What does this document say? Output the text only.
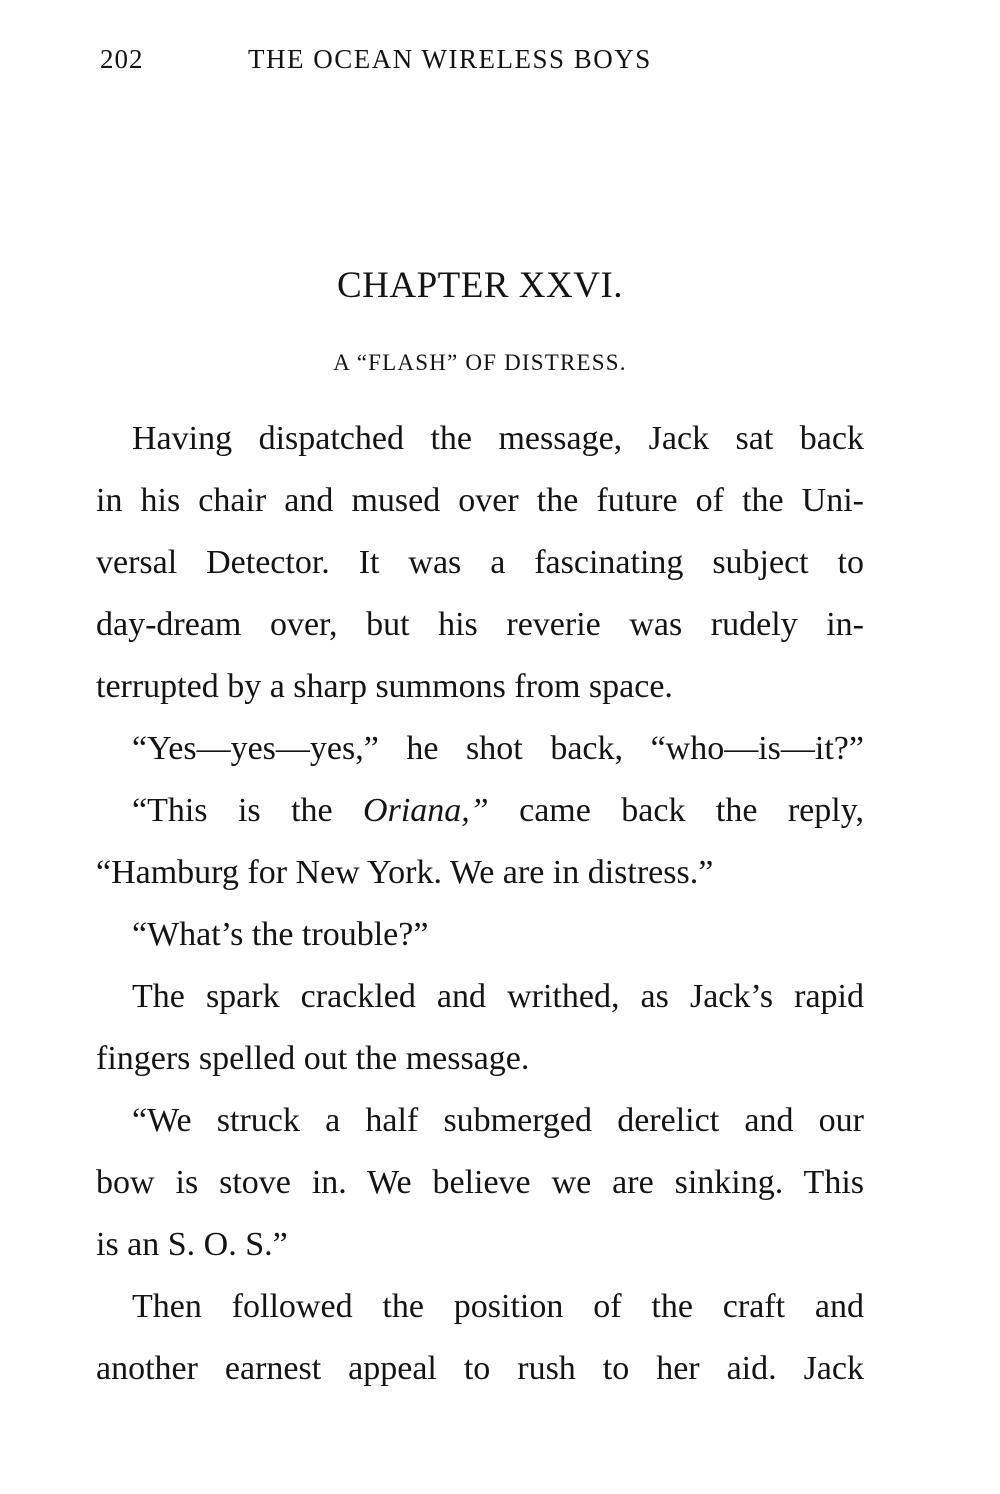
202	THE OCEAN WIRELESS BOYS
CHAPTER XXVI.
A “FLASH” OF DISTRESS.
Having dispatched the message, Jack sat back
in his chair and mused over the future of the Uni-
versal Detector. It was a fascinating subject to
day-dream over, but his reverie was rudely in-
terrupted by a sharp summons from space.
“Yes—yes—yes,” he shot back, “who—is—it?”
“This is the Oriana,” came back the reply,
“Hamburg for New York. We are in distress.”
“What’s the trouble?”
The spark crackled and writhed, as Jack’s rapid
fingers spelled out the message.
“We struck a half submerged derelict and our
bow is stove in. We believe we are sinking. This
is an S. O. S.”
Then followed the position of the craft and
another earnest appeal to rush to her aid. Jack
